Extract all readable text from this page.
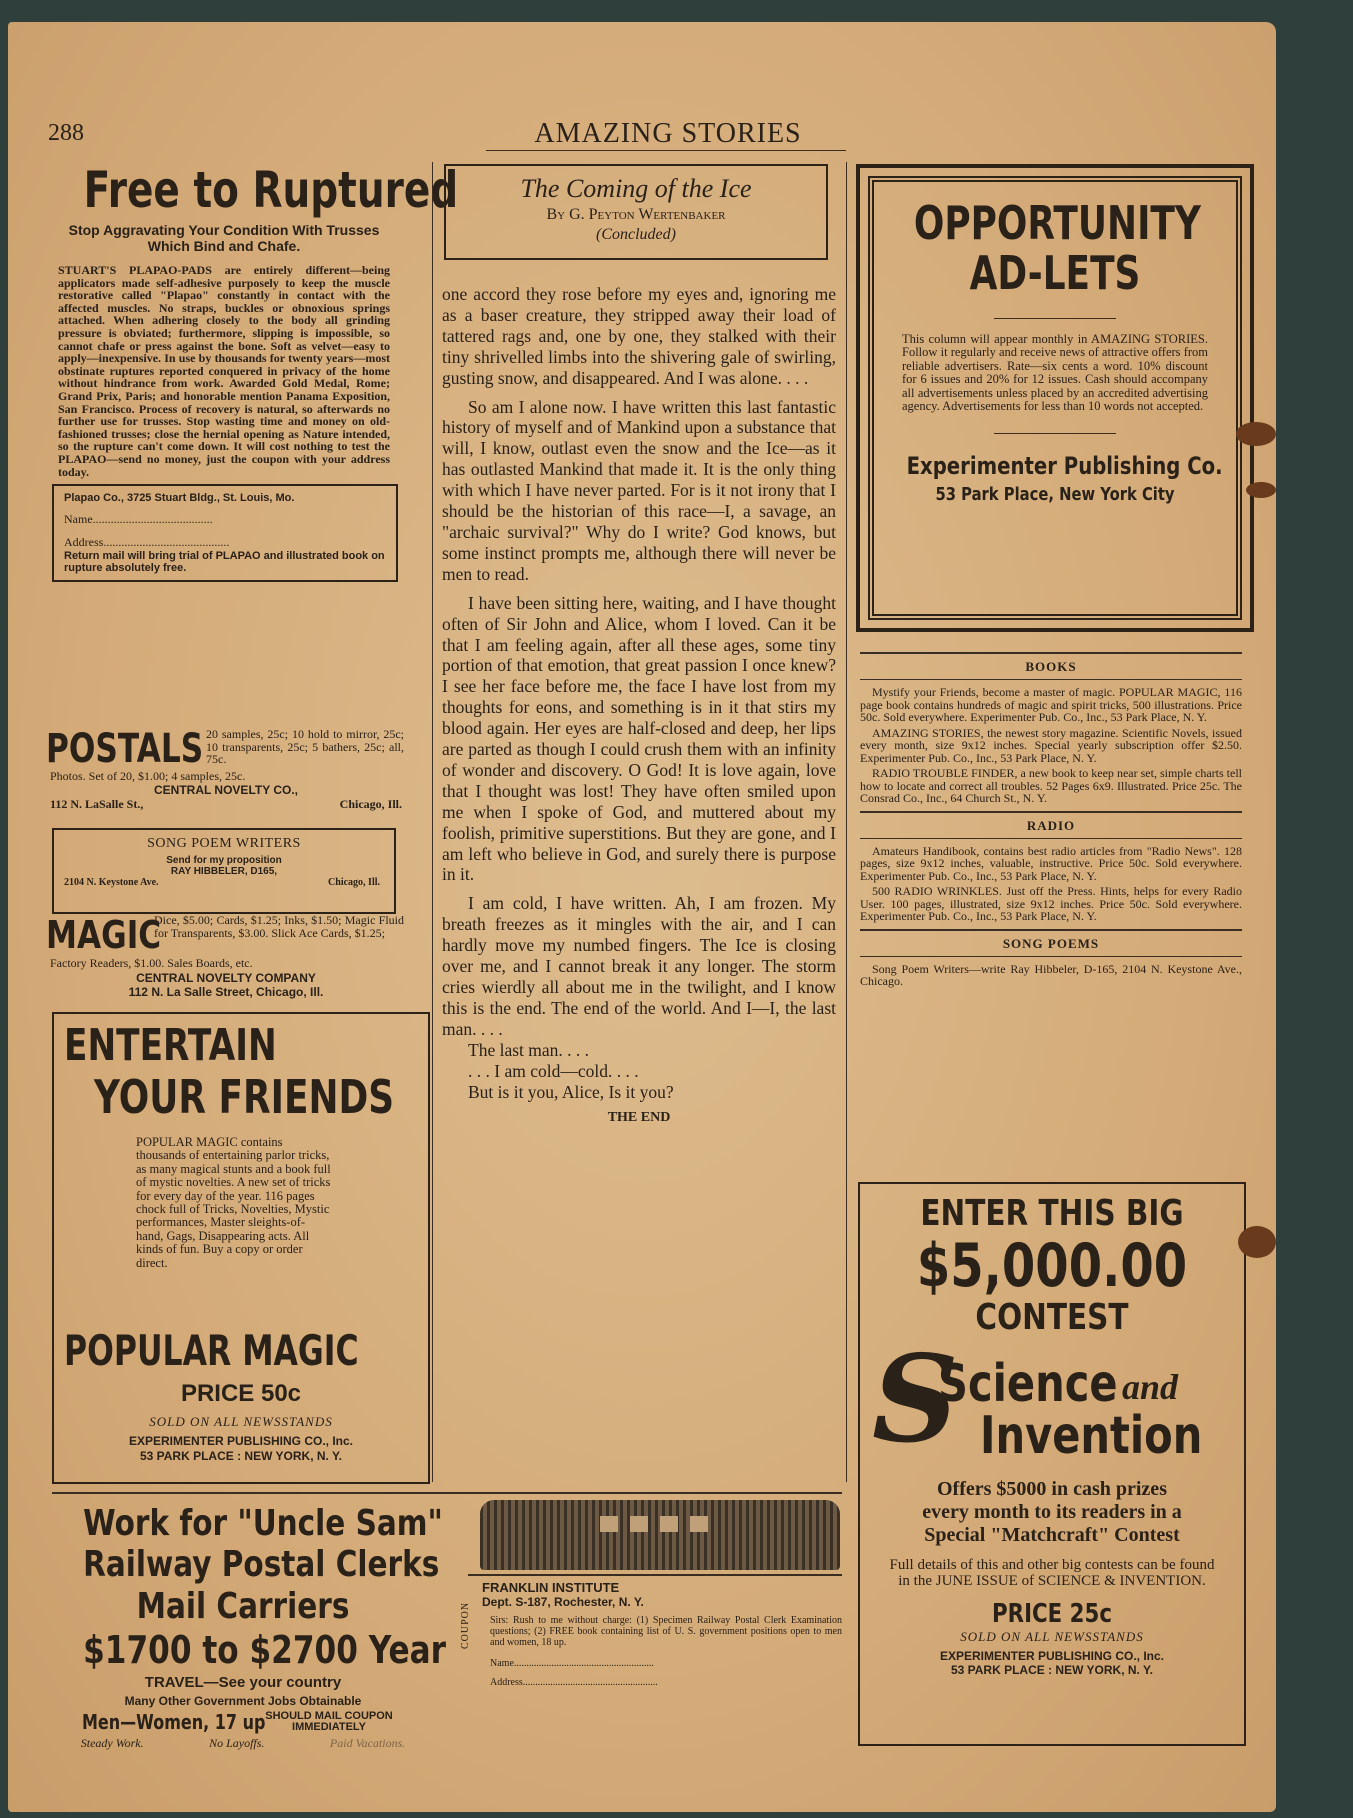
288	AMAZING STORIES
Free to Ruptured
Stop Aggravating Your Condition With Trusses Which Bind and Chafe.
STUART'S PLAPAO-PADS are entirely different—being applicators made self-adhesive purposely to keep the muscle restorative called "Plapao" constantly in contact with the affected muscles. No straps, buckles or obnoxious springs attached. When adhering closely to the body all grinding pressure is obviated; furthermore, slipping is impossible, so cannot chafe or press against the bone. Soft as velvet—easy to apply—inexpensive. In use by thousands for twenty years—most obstinate ruptures reported conquered in privacy of the home without hindrance from work. Awarded Gold Medal, Rome; Grand Prix, Paris; and honorable mention Panama Exposition, San Francisco. Process of recovery is natural, so afterwards no further use for trusses. Stop wasting time and money on old-fashioned trusses; close the hernial opening as Nature intended, so the rupture can't come down. It will cost nothing to test the PLAPAO—send no money, just the coupon with your address today.
Plapao Co., 3725 Stuart Bldg., St. Louis, Mo.
Name........................................
Address..........................................
Return mail will bring trial of PLAPAO and illustrated book on rupture absolutely free.
POSTALS 20 samples, 25c; 10 hold to mirror, 25c; 10 transparents, 25c; 5 bathers, 25c; all, 75c.
Photos. Set of 20, $1.00; 4 samples, 25c.
CENTRAL NOVELTY CO.,
112 N. LaSalle St.,	Chicago, Ill.
SONG POEM WRITERS
Send for my proposition
RAY HIBBELER, D165,
2104 N. Keystone Ave.	Chicago, Ill.
MAGIC
Dice, $5.00; Cards, $1.25; Inks, $1.50; Magic Fluid for Transparents, $3.00. Slick Ace Cards, $1.25;
Factory Readers, $1.00. Sales Boards, etc.
CENTRAL NOVELTY COMPANY
112 N. La Salle Street, Chicago, Ill.
ENTERTAIN
YOUR FRIENDS
POPULAR MAGIC contains thousands of entertaining parlor tricks, as many magical stunts and a book full of mystic novelties. A new set of tricks for every day of the year. 116 pages chock full of Tricks, Novelties, Mystic performances, Master sleights-of-hand, Gags, Disappearing acts. All kinds of fun. Buy a copy or order direct.
POPULAR MAGIC
PRICE 50c
SOLD ON ALL NEWSSTANDS
EXPERIMENTER PUBLISHING CO., Inc.
53 PARK PLACE : NEW YORK, N. Y.
The Coming of the Ice
By G. Peyton Wertenbaker
(Concluded)

one accord they rose before my eyes and, ignoring me as a baser creature, they stripped away their load of tattered rags and, one by one, they stalked with their tiny shrivelled limbs into the shivering gale of swirling, gusting snow, and disappeared. And I was alone. . . .

So am I alone now. I have written this last fantastic history of myself and of Mankind upon a substance that will, I know, outlast even the snow and the Ice—as it has outlasted Mankind that made it. It is the only thing with which I have never parted. For is it not irony that I should be the historian of this race—I, a savage, an "archaic survival?" Why do I write? God knows, but some instinct prompts me, although there will never be men to read.

I have been sitting here, waiting, and I have thought often of Sir John and Alice, whom I loved. Can it be that I am feeling again, after all these ages, some tiny portion of that emotion, that great passion I once knew? I see her face before me, the face I have lost from my thoughts for eons, and something is in it that stirs my blood again. Her eyes are half-closed and deep, her lips are parted as though I could crush them with an infinity of wonder and discovery. O God! It is love again, love that I thought was lost! They have often smiled upon me when I spoke of God, and muttered about my foolish, primitive superstitions. But they are gone, and I am left who believe in God, and surely there is purpose in it.

I am cold, I have written. Ah, I am frozen. My breath freezes as it mingles with the air, and I can hardly move my numbed fingers. The Ice is closing over me, and I cannot break it any longer. The storm cries wierdly all about me in the twilight, and I know this is the end. The end of the world. And I—I, the last man. . . .

The last man. . . .

. . . I am cold—cold. . . .

But is it you, Alice, Is it you?

THE END
OPPORTUNITY
AD-LETS
This column will appear monthly in AMAZING STORIES. Follow it regularly and receive news of attractive offers from reliable advertisers. Rate—six cents a word. 10% discount for 6 issues and 20% for 12 issues. Cash should accompany all advertisements unless placed by an accredited advertising agency. Advertisements for less than 10 words not accepted.
Experimenter Publishing Co.
53 Park Place, New York City
BOOKS

Mystify your Friends, become a master of magic. POPULAR MAGIC, 116 page book contains hundreds of magic and spirit tricks, 500 illustrations. Price 50c. Sold everywhere. Experimenter Pub. Co., Inc., 53 Park Place, N. Y.

AMAZING STORIES, the newest story magazine. Scientific Novels, issued every month, size 9x12 inches. Special yearly subscription offer $2.50. Experimenter Pub. Co., Inc., 53 Park Place, N. Y.

RADIO TROUBLE FINDER, a new book to keep near set, simple charts tell how to locate and correct all troubles. 52 Pages 6x9. Illustrated. Price 25c. The Consrad Co., Inc., 64 Church St., N. Y.

RADIO

Amateurs Handibook, contains best radio articles from "Radio News". 128 pages, size 9x12 inches, valuable, instructive. Price 50c. Sold everywhere. Experimenter Pub. Co., Inc., 53 Park Place, N. Y.

500 RADIO WRINKLES. Just off the Press. Hints, helps for every Radio User. 100 pages, illustrated, size 9x12 inches. Price 50c. Sold everywhere. Experimenter Pub. Co., Inc., 53 Park Place, N. Y.

SONG POEMS

Song Poem Writers—write Ray Hibbeler, D-165, 2104 N. Keystone Ave., Chicago.

ENTER THIS BIG
$5,000.00
CONTEST
S
Science and
Invention
Offers $5000 in cash prizes every month to its readers in a Special "Matchcraft" Contest
Full details of this and other big contests can be found in the JUNE ISSUE of SCIENCE & INVENTION.
PRICE 25c
SOLD ON ALL NEWSSTANDS
EXPERIMENTER PUBLISHING CO., Inc.
53 PARK PLACE : NEW YORK, N. Y.
Work for "Uncle Sam"
Railway Postal Clerks
Mail Carriers
$1700 to $2700 Year
TRAVEL—See your country
Many Other Government Jobs Obtainable
Men—Women, 17 up SHOULD MAIL COUPON IMMEDIATELY
Steady Work.	No Layoffs.	Paid Vacations.
FRANKLIN INSTITUTE
Dept. S-187, Rochester, N. Y.
COUPON Sirs: Rush to me without charge: (1) Specimen Railway Postal Clerk Examination questions; (2) FREE book containing list of U. S. government positions open to men and women, 18 up.
Name........................................................
Address......................................................
